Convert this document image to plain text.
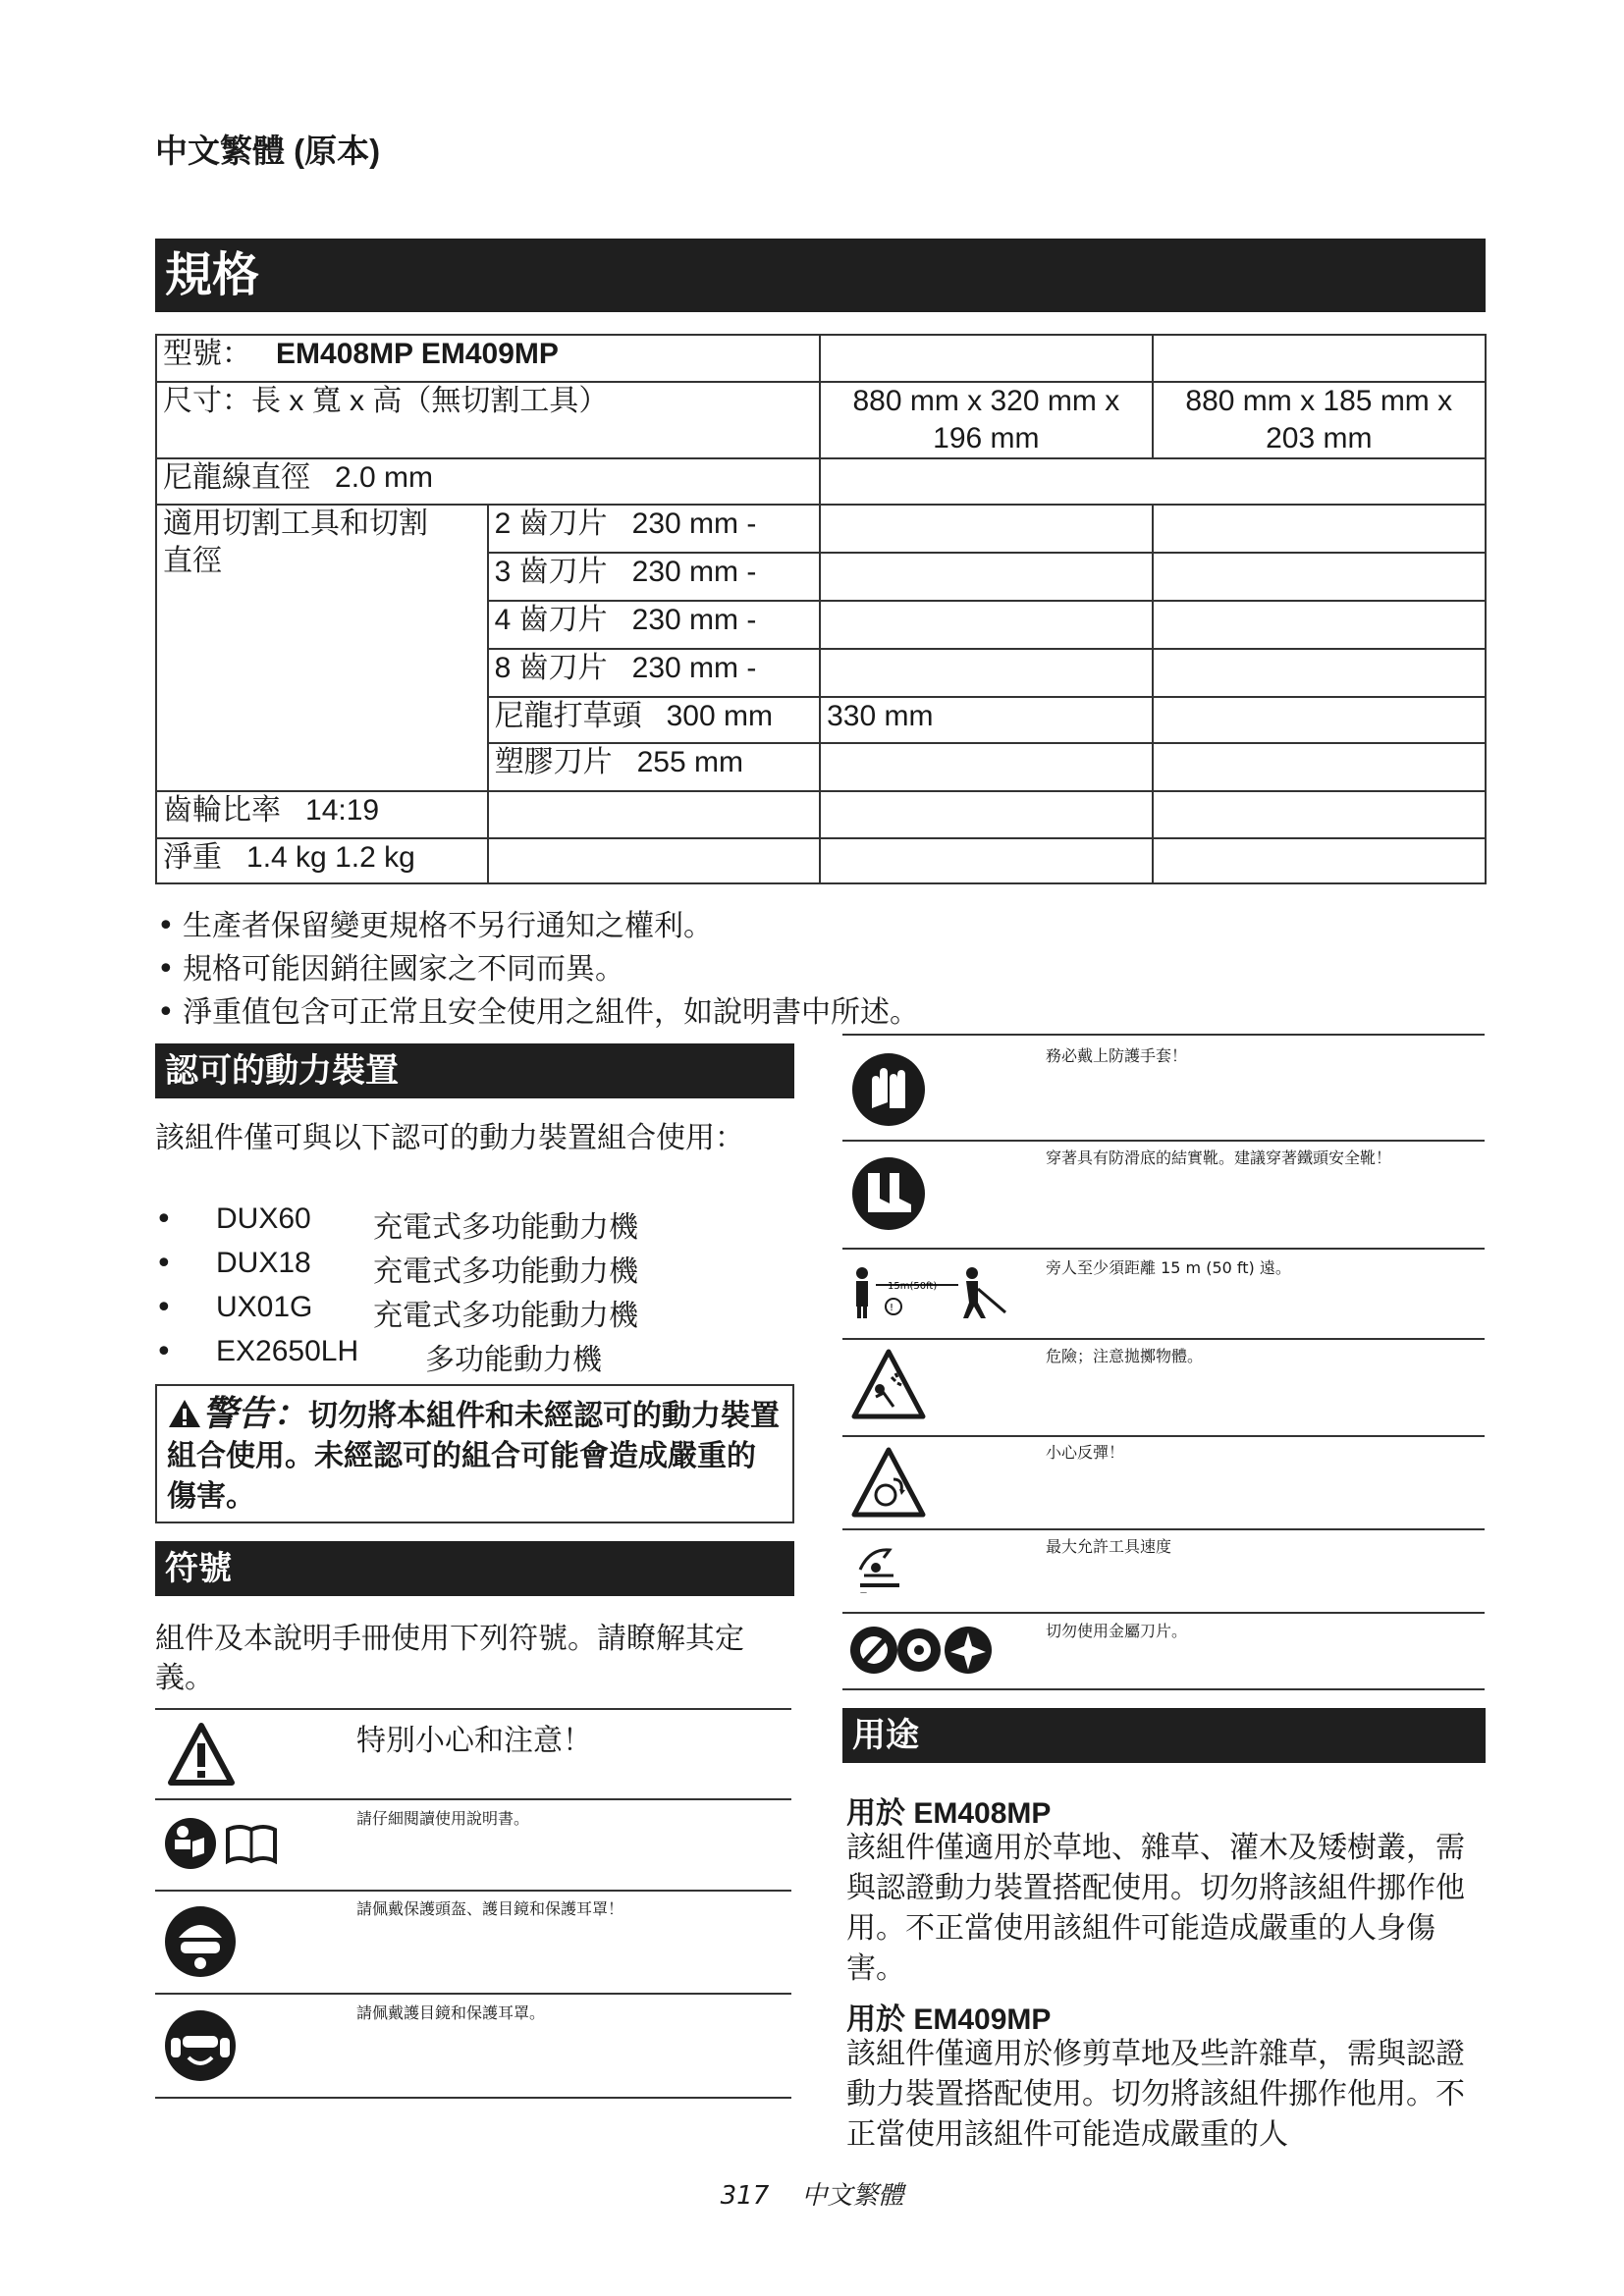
中文繁體 (原本)
規格
型號： EM408MP EM409MP			
尺寸：長 x 寬 x 高（無切割工具）		880 mm x 320 mm x 196 mm	880 mm x 185 mm x 203 mm
尼龍線直徑 2.0 mm			
適用切割工具和切割直徑	2 齒刀片 230 mm -		
	3 齒刀片 230 mm -		
	4 齒刀片 230 mm -		
	8 齒刀片 230 mm -		
	尼龍打草頭 300 mm	330 mm	
	塑膠刀片 255 mm		
齒輪比率 14:19			
淨重 1.4 kg 1.2 kg			
• 生產者保留變更規格不另行通知之權利。
• 規格可能因銷往國家之不同而異。
• 淨重值包含可正常且安全使用之組件，如說明書中所述。
認可的動力裝置
該組件僅可與以下認可的動力裝置組合使用：
• DUX60 充電式多功能動力機
• DUX18 充電式多功能動力機
• UX01G 充電式多功能動力機
• EX2650LH 多功能動力機
警告：切勿將本組件和未經認可的動力裝置組合使用。未經認可的組合可能會造成嚴重的傷害。
符號
組件及本說明手冊使用下列符號。請瞭解其定義。
特別小心和注意！
請仔細閱讀使用說明書。
請佩戴保護頭盔、護目鏡和保護耳罩！
請佩戴護目鏡和保護耳罩。
務必戴上防護手套！
穿著具有防滑底的結實靴。建議穿著鐵頭安全靴！
15m(50ft)
!
旁人至少須距離 15 m (50 ft) 遠。
危險；注意拋擲物體。
小心反彈！
—
最大允許工具速度
切勿使用金屬刀片。
用途
用於 EM408MP
該組件僅適用於草地、雜草、灌木及矮樹叢，需與認證動力裝置搭配使用。切勿將該組件挪作他用。不正當使用該組件可能造成嚴重的人身傷害。
用於 EM409MP
該組件僅適用於修剪草地及些許雜草，需與認證動力裝置搭配使用。切勿將該組件挪作他用。不正當使用該組件可能造成嚴重的人
317 中文繁體
